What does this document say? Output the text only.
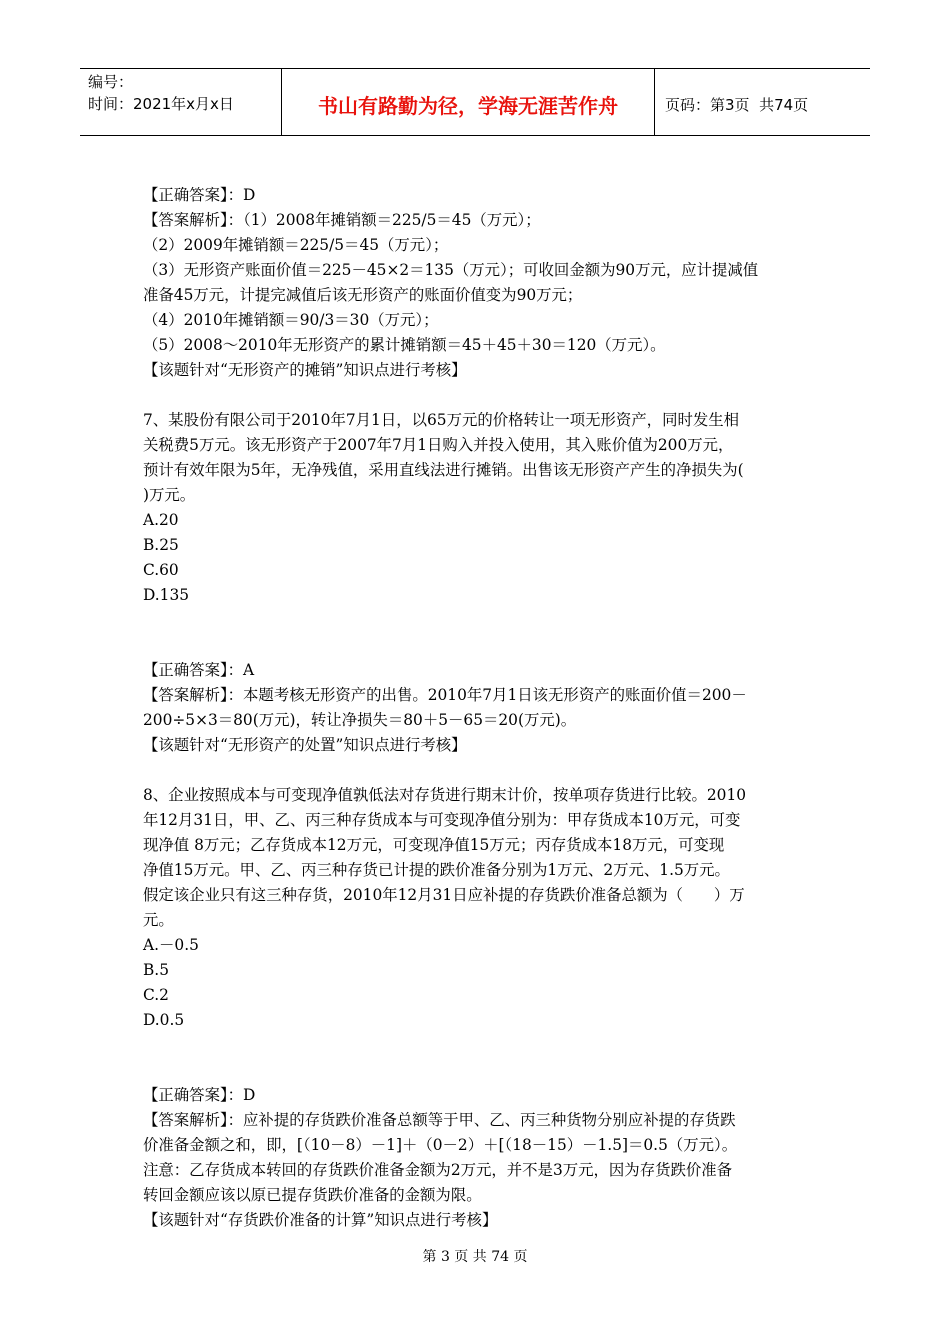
编号：
时间：2021年x月x日	书山有路勤为径，学海无涯苦作舟	页码：第3页  共74页
【正确答案】：D
【答案解析】：（1）2008年摊销额＝225/5＝45（万元）；
（2）2009年摊销额＝225/5＝45（万元）；
（3）无形资产账面价值＝225－45×2＝135（万元）；可收回金额为90万元，应计提减值
准备45万元，计提完减值后该无形资产的账面价值变为90万元；
（4）2010年摊销额＝90/3＝30（万元）；
（5）2008～2010年无形资产的累计摊销额＝45＋45＋30＝120（万元）。
【该题针对“无形资产的摊销”知识点进行考核】
7、某股份有限公司于2010年7月1日，以65万元的价格转让一项无形资产，同时发生相
关税费5万元。该无形资产于2007年7月1日购入并投入使用，其入账价值为200万元，
预计有效年限为5年，无净残值，采用直线法进行摊销。出售该无形资产产生的净损失为(
)万元。
A.20
B.25
C.60
D.135
【正确答案】：A
【答案解析】：本题考核无形资产的出售。2010年7月1日该无形资产的账面价值＝200－
200÷5×3＝80(万元)，转让净损失＝80＋5－65＝20(万元)。
【该题针对“无形资产的处置”知识点进行考核】
8、企业按照成本与可变现净值孰低法对存货进行期末计价，按单项存货进行比较。2010
年12月31日，甲、乙、丙三种存货成本与可变现净值分别为：甲存货成本10万元，可变
现净值 8万元；乙存货成本12万元，可变现净值15万元；丙存货成本18万元，可变现
净值15万元。甲、乙、丙三种存货已计提的跌价准备分别为1万元、2万元、1.5万元。
假定该企业只有这三种存货，2010年12月31日应补提的存货跌价准备总额为（　　）万
元。
A.－0.5
B.5
C.2
D.0.5
【正确答案】：D
【答案解析】：应补提的存货跌价准备总额等于甲、乙、丙三种货物分别应补提的存货跌
价准备金额之和，即，[（10－8）－1]＋（0－2）＋[（18－15）－1.5]＝0.5（万元）。
注意：乙存货成本转回的存货跌价准备金额为2万元，并不是3万元，因为存货跌价准备
转回金额应该以原已提存货跌价准备的金额为限。
【该题针对“存货跌价准备的计算”知识点进行考核】
第 3 页 共 74 页
